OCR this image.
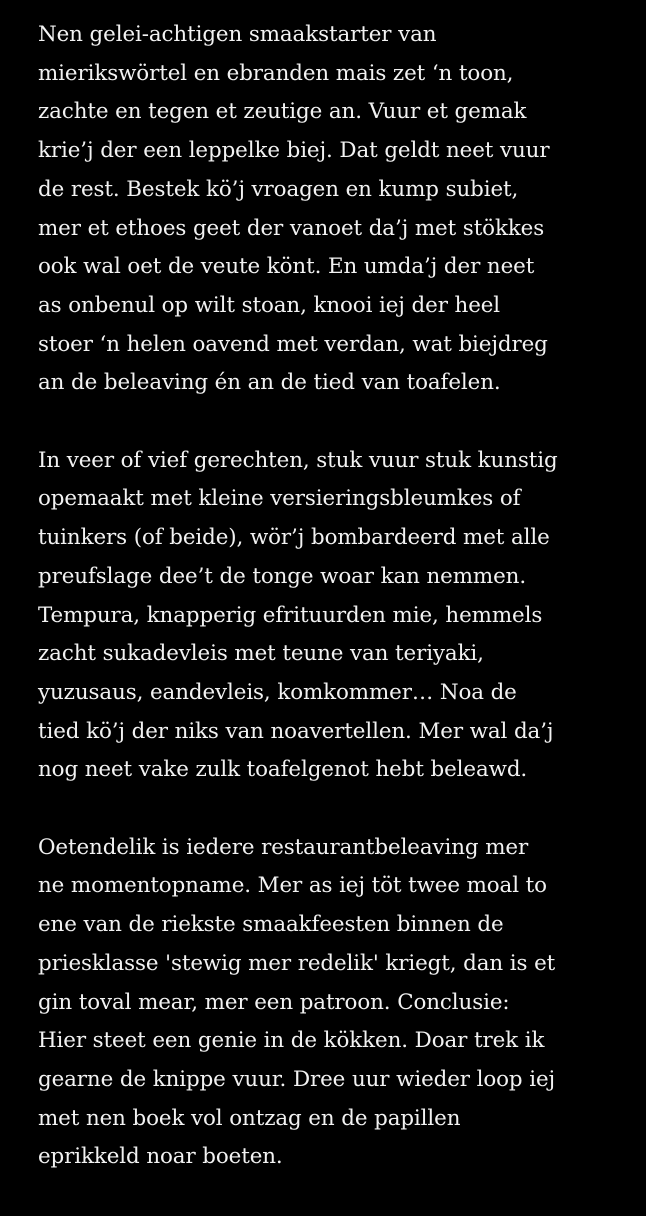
Nen gelei-achtigen smaakstarter van
mierikswörtel en ebranden mais zet ‘n toon,
zachte en tegen et zeutige an. Vuur et gemak
krie’j der een leppelke biej. Dat geldt neet vuur
de rest. Bestek kö’j vroagen en kump subiet,
mer et ethoes geet der vanoet da’j met stökkes
ook wal oet de veute könt. En umda’j der neet
as onbenul op wilt stoan, knooi iej der heel
stoer ‘n helen oavend met verdan, wat biejdreg
an de beleaving én an de tied van toafelen.

In veer of vief gerechten, stuk vuur stuk kunstig
opemaakt met kleine versieringsbleumkes of
tuinkers (of beide), wör’j bombardeerd met alle
preufslage dee’t de tonge woar kan nemmen.
Tempura, knapperig efrituurden mie, hemmels
zacht sukadevleis met teune van teriyaki,
yuzusaus, eandevleis, komkommer… Noa de
tied kö’j der niks van noavertellen. Mer wal da’j
nog neet vake zulk toafelgenot hebt beleawd.

Oetendelik is iedere restaurantbeleaving mer
ne momentopname. Mer as iej töt twee moal to
ene van de riekste smaakfeesten binnen de
priesklasse 'stewig mer redelik' kriegt, dan is et
gin toval mear, mer een patroon. Conclusie:
Hier steet een genie in de kökken. Doar trek ik
gearne de knippe vuur. Dree uur wieder loop iej
met nen boek vol ontzag en de papillen
eprikkeld noar boeten.
